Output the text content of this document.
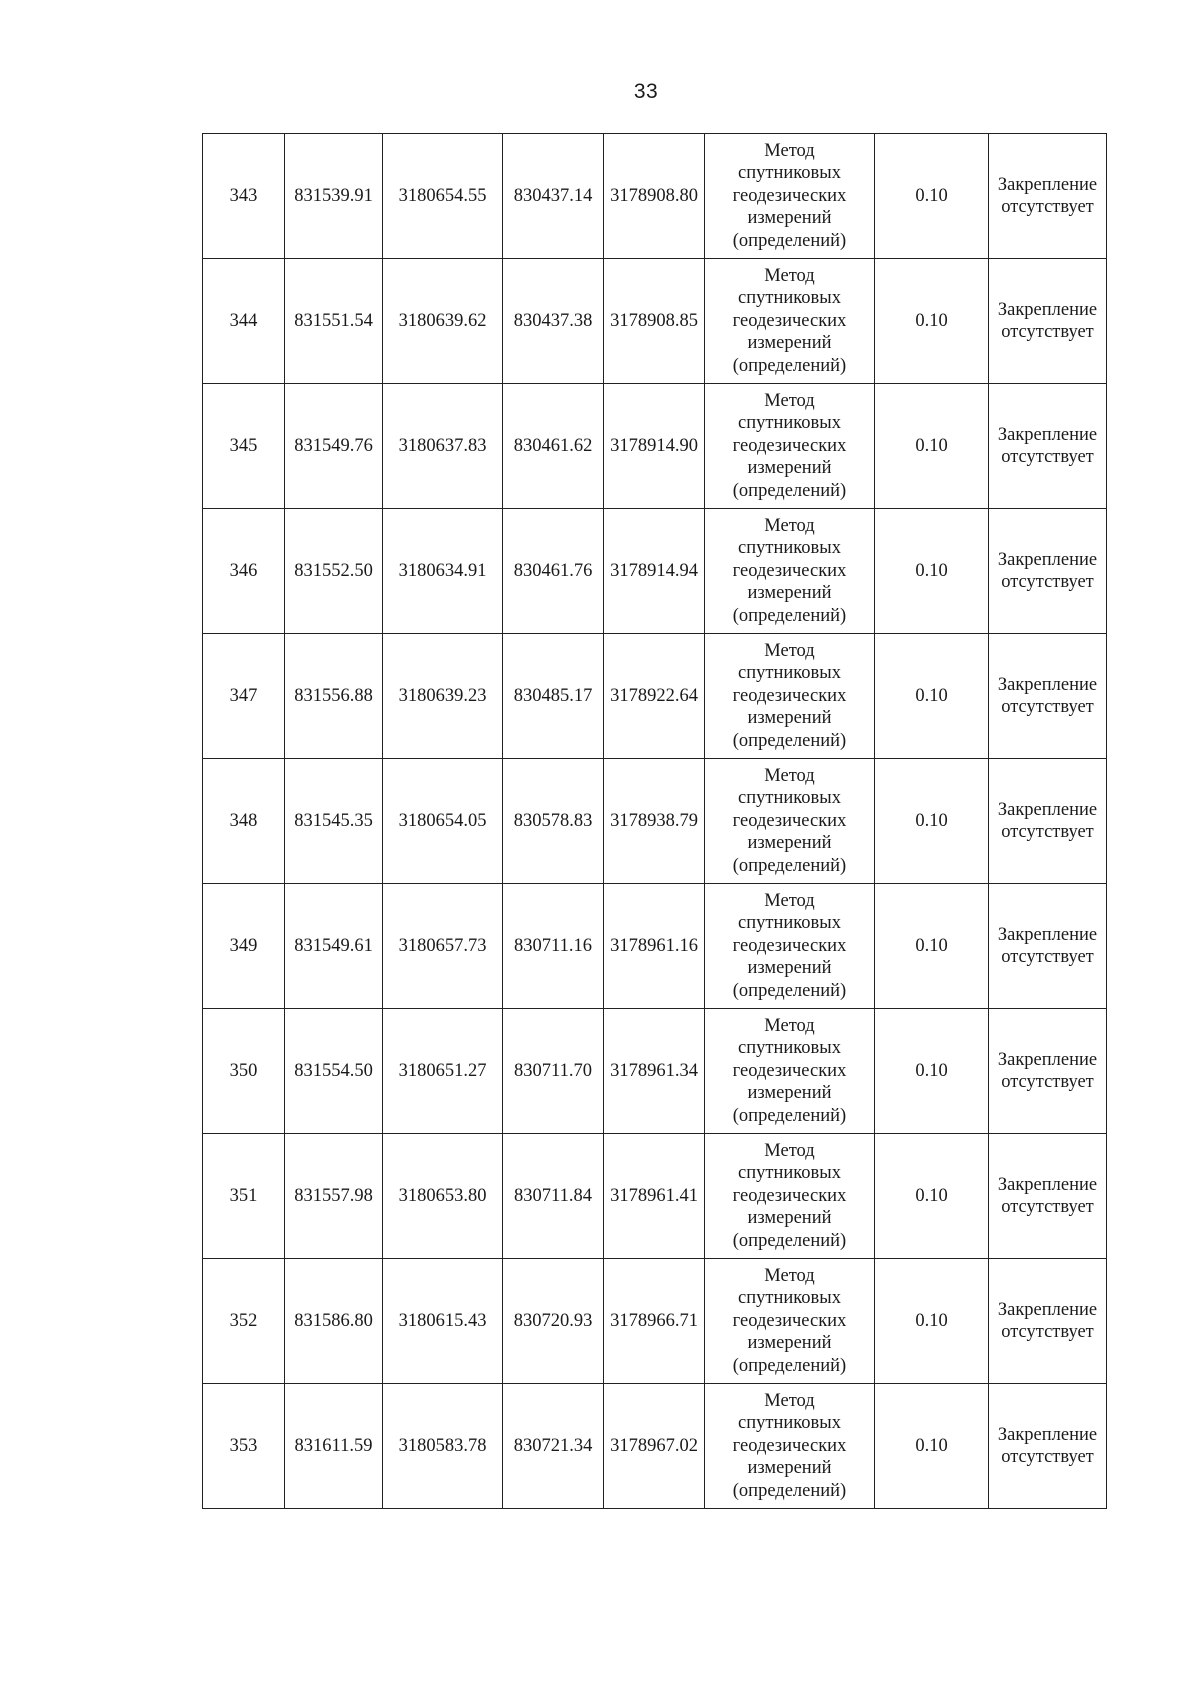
33
343	831539.91	3180654.55	830437.14	3178908.80	Метод
спутниковых
геодезических
измерений
(определений)	0.10	Закрепление
отсутствует

344	831551.54	3180639.62	830437.38	3178908.85	Метод
спутниковых
геодезических
измерений
(определений)	0.10	Закрепление
отсутствует

345	831549.76	3180637.83	830461.62	3178914.90	Метод
спутниковых
геодезических
измерений
(определений)	0.10	Закрепление
отсутствует

346	831552.50	3180634.91	830461.76	3178914.94	Метод
спутниковых
геодезических
измерений
(определений)	0.10	Закрепление
отсутствует

347	831556.88	3180639.23	830485.17	3178922.64	Метод
спутниковых
геодезических
измерений
(определений)	0.10	Закрепление
отсутствует

348	831545.35	3180654.05	830578.83	3178938.79	Метод
спутниковых
геодезических
измерений
(определений)	0.10	Закрепление
отсутствует

349	831549.61	3180657.73	830711.16	3178961.16	Метод
спутниковых
геодезических
измерений
(определений)	0.10	Закрепление
отсутствует

350	831554.50	3180651.27	830711.70	3178961.34	Метод
спутниковых
геодезических
измерений
(определений)	0.10	Закрепление
отсутствует

351	831557.98	3180653.80	830711.84	3178961.41	Метод
спутниковых
геодезических
измерений
(определений)	0.10	Закрепление
отсутствует

352	831586.80	3180615.43	830720.93	3178966.71	Метод
спутниковых
геодезических
измерений
(определений)	0.10	Закрепление
отсутствует

353	831611.59	3180583.78	830721.34	3178967.02	Метод
спутниковых
геодезических
измерений
(определений)	0.10	Закрепление
отсутствует
